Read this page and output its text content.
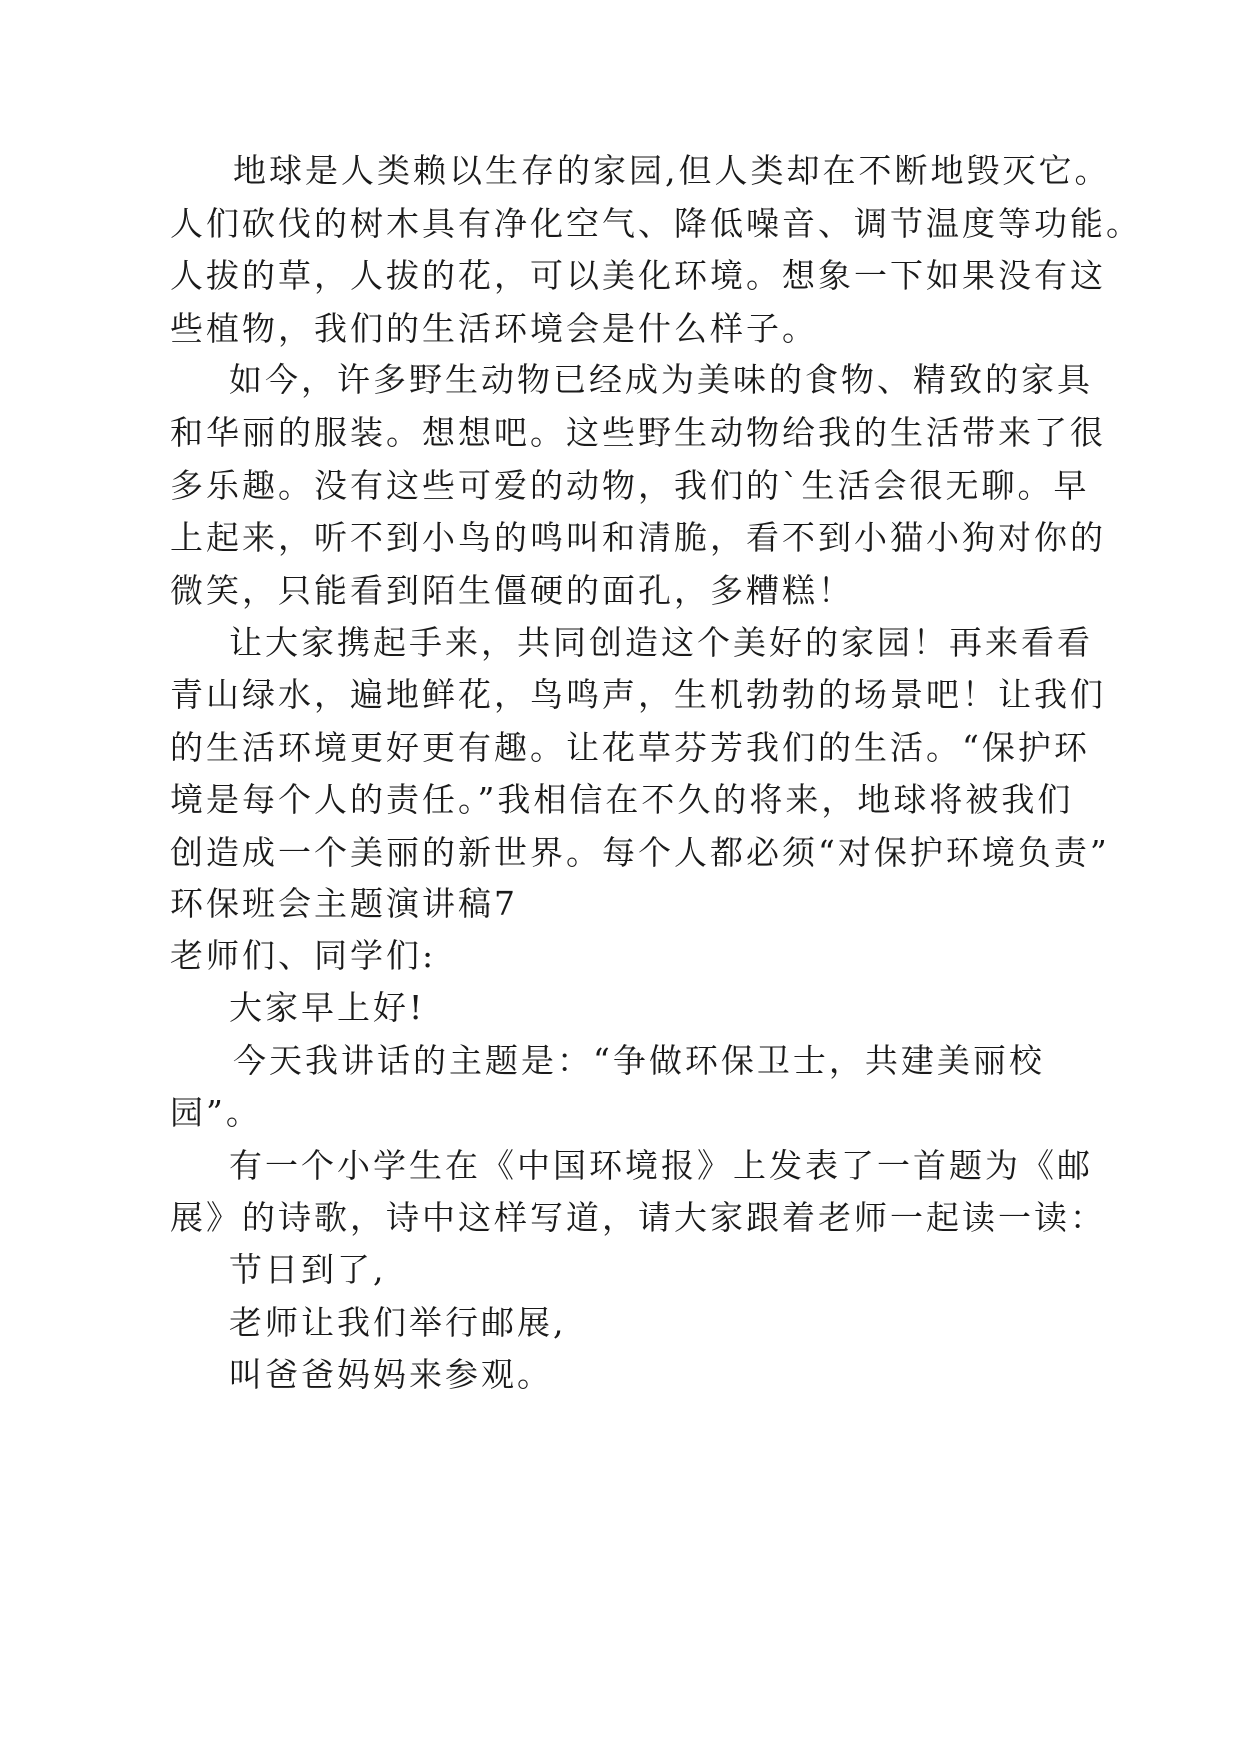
地球是人类赖以生存的家园,但人类却在不断地毁灭它。
人们砍伐的树木具有净化空气、降低噪音、调节温度等功能。
人拔的草，人拔的花，可以美化环境。想象一下如果没有这
些植物，我们的生活环境会是什么样子。
如今，许多野生动物已经成为美味的食物、精致的家具
和华丽的服装。想想吧。这些野生动物给我的生活带来了很
多乐趣。没有这些可爱的动物，我们的`生活会很无聊。早
上起来，听不到小鸟的鸣叫和清脆，看不到小猫小狗对你的
微笑，只能看到陌生僵硬的面孔，多糟糕！
让大家携起手来，共同创造这个美好的家园！再来看看
青山绿水，遍地鲜花，鸟鸣声，生机勃勃的场景吧！让我们
的生活环境更好更有趣。让花草芬芳我们的生活。“保护环
境是每个人的责任。”我相信在不久的将来，地球将被我们
创造成一个美丽的新世界。每个人都必须“对保护环境负责”
环保班会主题演讲稿7
老师们、同学们:
大家早上好!
今天我讲话的主题是：“争做环保卫士，共建美丽校
园”。
有一个小学生在《中国环境报》上发表了一首题为《邮
展》的诗歌，诗中这样写道，请大家跟着老师一起读一读：
节日到了,
老师让我们举行邮展,
叫爸爸妈妈来参观。
